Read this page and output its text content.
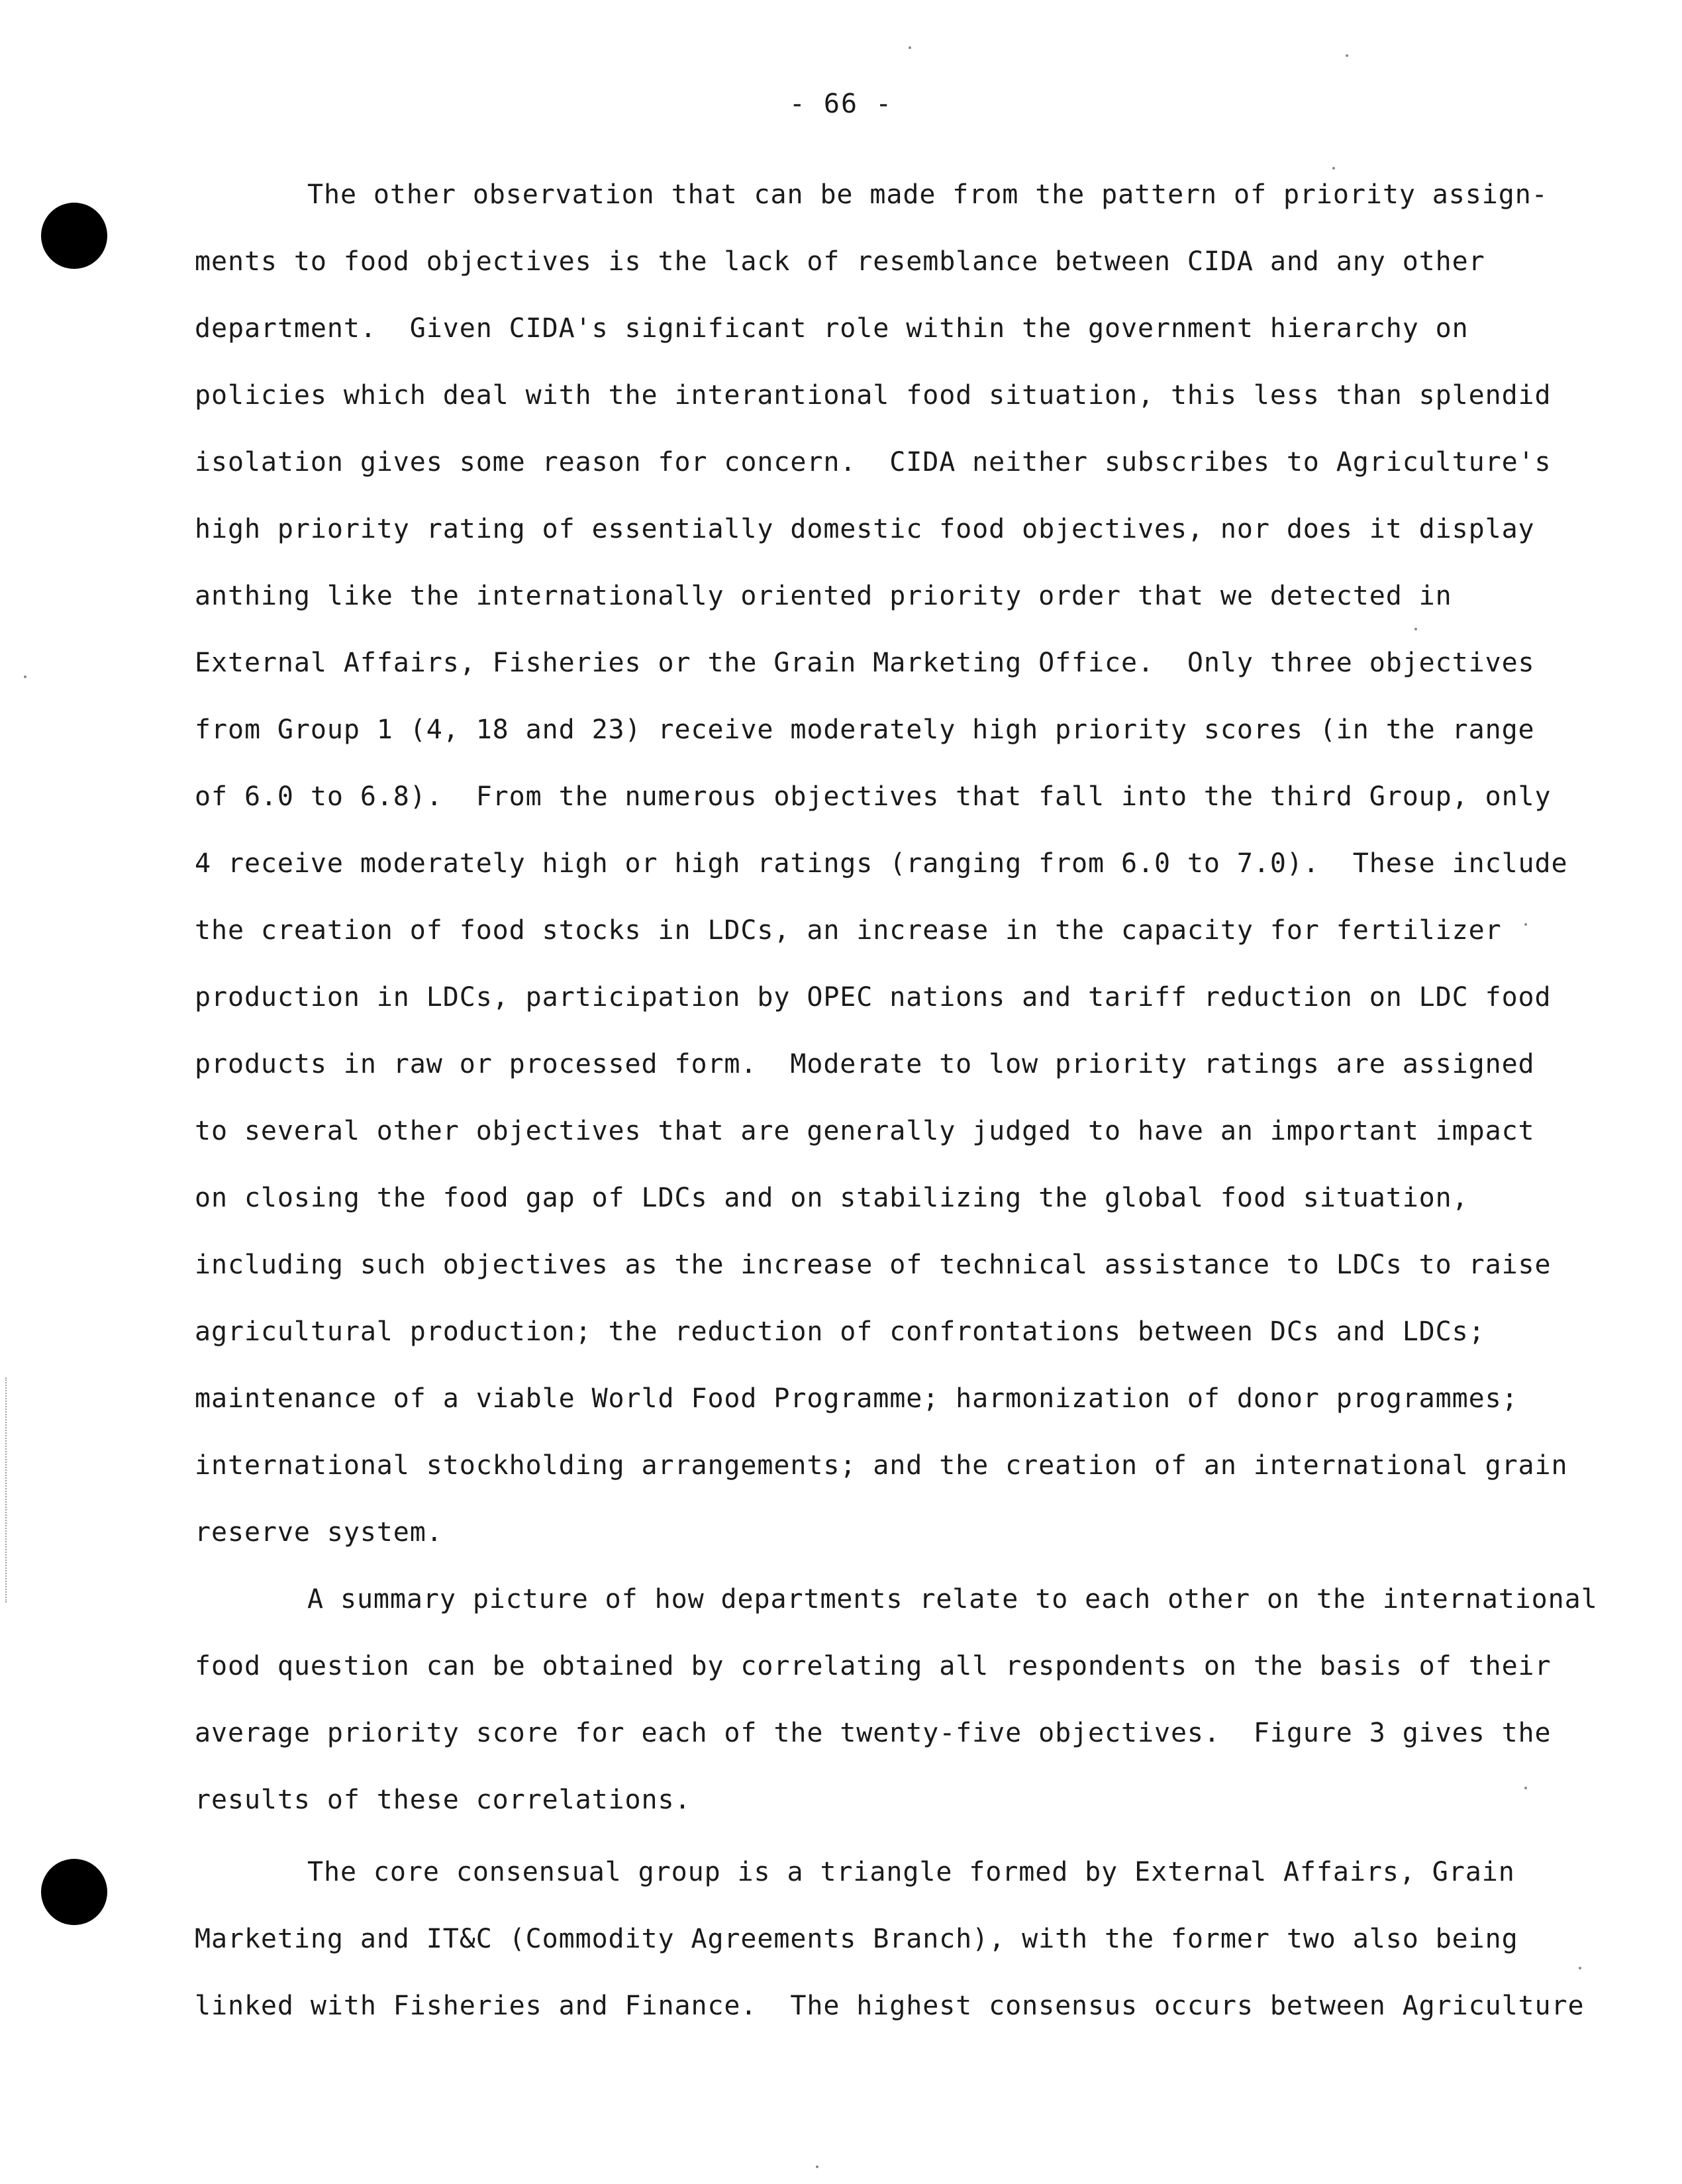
- 66 -
The other observation that can be made from the pattern of priority assign-
ments to food objectives is the lack of resemblance between CIDA and any other
department.  Given CIDA's significant role within the government hierarchy on
policies which deal with the interantional food situation, this less than splendid
isolation gives some reason for concern.  CIDA neither subscribes to Agriculture's
high priority rating of essentially domestic food objectives, nor does it display
anthing like the internationally oriented priority order that we detected in
External Affairs, Fisheries or the Grain Marketing Office.  Only three objectives
from Group 1 (4, 18 and 23) receive moderately high priority scores (in the range
of 6.0 to 6.8).  From the numerous objectives that fall into the third Group, only
4 receive moderately high or high ratings (ranging from 6.0 to 7.0).  These include
the creation of food stocks in LDCs, an increase in the capacity for fertilizer
production in LDCs, participation by OPEC nations and tariff reduction on LDC food
products in raw or processed form.  Moderate to low priority ratings are assigned
to several other objectives that are generally judged to have an important impact
on closing the food gap of LDCs and on stabilizing the global food situation,
including such objectives as the increase of technical assistance to LDCs to raise
agricultural production; the reduction of confrontations between DCs and LDCs;
maintenance of a viable World Food Programme; harmonization of donor programmes;
international stockholding arrangements; and the creation of an international grain
reserve system.
A summary picture of how departments relate to each other on the international
food question can be obtained by correlating all respondents on the basis of their
average priority score for each of the twenty-five objectives.  Figure 3 gives the
results of these correlations.
The core consensual group is a triangle formed by External Affairs, Grain
Marketing and IT&C (Commodity Agreements Branch), with the former two also being
linked with Fisheries and Finance.  The highest consensus occurs between Agriculture
